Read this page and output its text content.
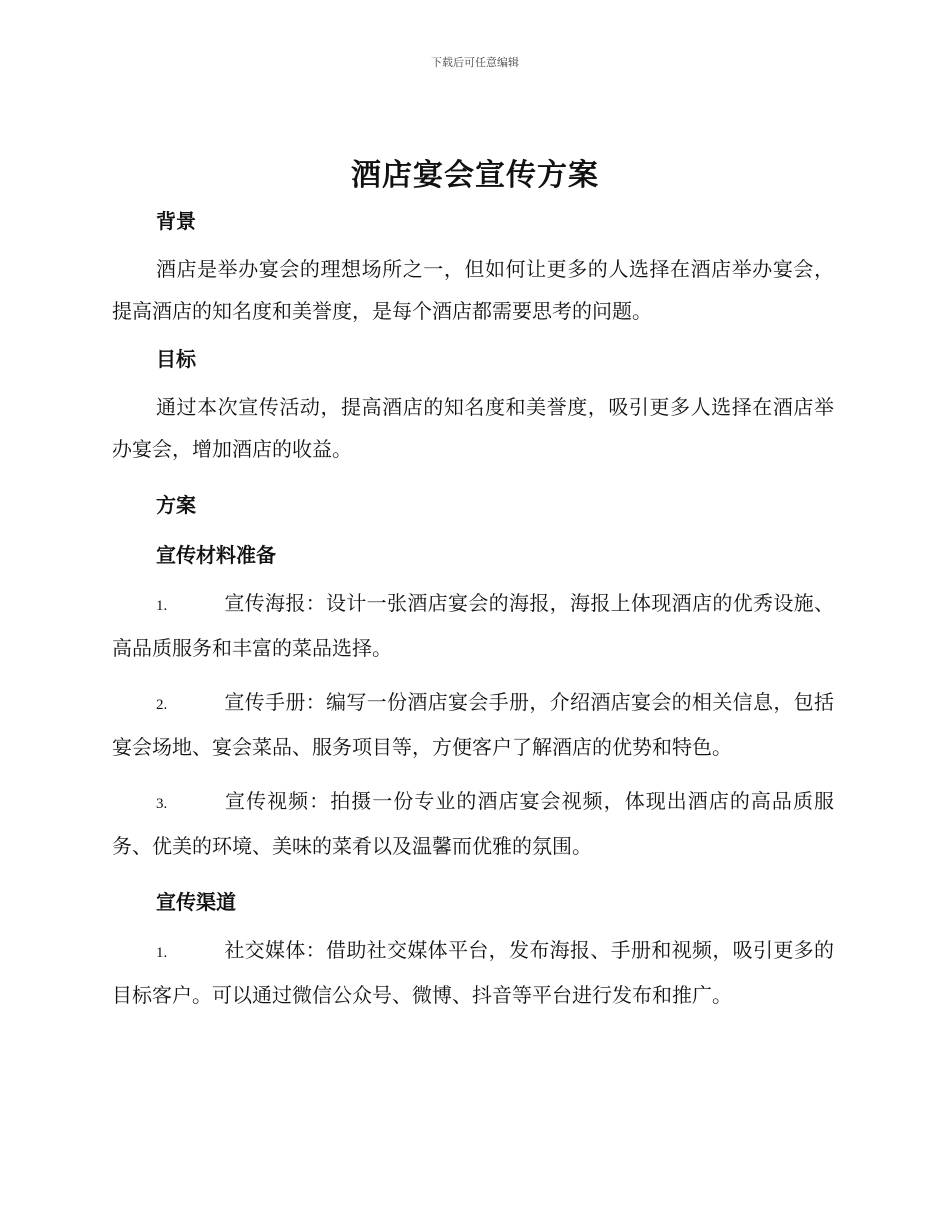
下载后可任意编辑
酒店宴会宣传方案

背景

酒店是举办宴会的理想场所之一，但如何让更多的人选择在酒店举办宴会，提高酒店的知名度和美誉度，是每个酒店都需要思考的问题。

目标

通过本次宣传活动，提高酒店的知名度和美誉度，吸引更多人选择在酒店举办宴会，增加酒店的收益。

方案

宣传材料准备

1.	宣传海报：设计一张酒店宴会的海报，海报上体现酒店的优秀设施、高品质服务和丰富的菜品选择。

2.	宣传手册：编写一份酒店宴会手册，介绍酒店宴会的相关信息，包括宴会场地、宴会菜品、服务项目等，方便客户了解酒店的优势和特色。

3.	宣传视频：拍摄一份专业的酒店宴会视频，体现出酒店的高品质服务、优美的环境、美味的菜肴以及温馨而优雅的氛围。

宣传渠道

1.	社交媒体：借助社交媒体平台，发布海报、手册和视频，吸引更多的目标客户。可以通过微信公众号、微博、抖音等平台进行发布和推广。
